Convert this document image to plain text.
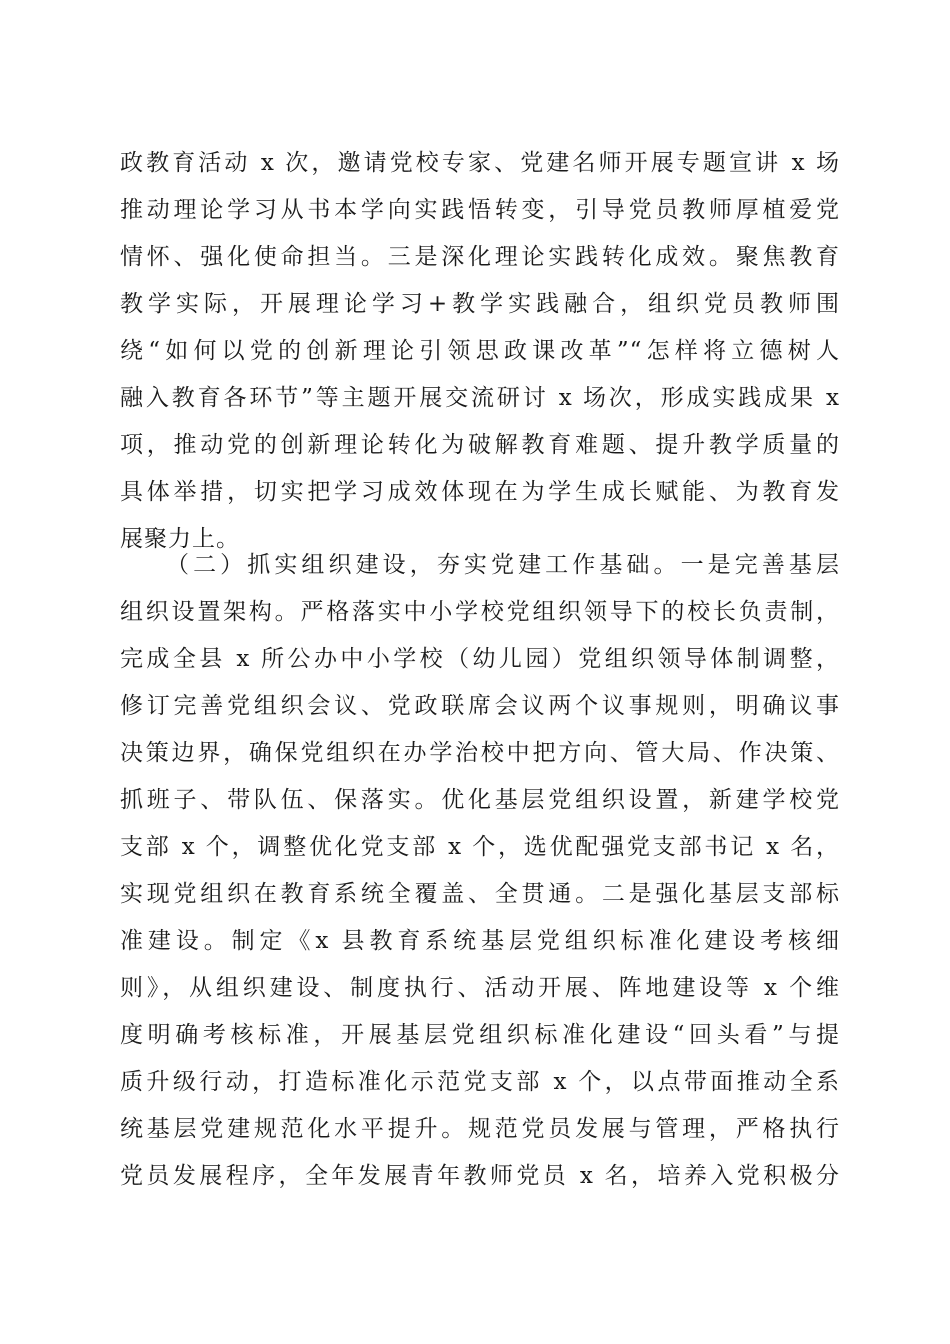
政教育活动 x 次，邀请党校专家、党建名师开展专题宣讲 x 场
推动理论学习从书本学向实践悟转变，引导党员教师厚植爱党
情怀、强化使命担当。三是深化理论实践转化成效。聚焦教育
教学实际，开展理论学习+教学实践融合，组织党员教师围
绕“如何以党的创新理论引领思政课改革”“怎样将立德树人
融入教育各环节”等主题开展交流研讨 x 场次，形成实践成果 x
项，推动党的创新理论转化为破解教育难题、提升教学质量的
具体举措，切实把学习成效体现在为学生成长赋能、为教育发
展聚力上。
（二）抓实组织建设，夯实党建工作基础。一是完善基层
组织设置架构。严格落实中小学校党组织领导下的校长负责制，
完成全县 x 所公办中小学校（幼儿园）党组织领导体制调整，
修订完善党组织会议、党政联席会议两个议事规则，明确议事
决策边界，确保党组织在办学治校中把方向、管大局、作决策、
抓班子、带队伍、保落实。优化基层党组织设置，新建学校党
支部 x 个，调整优化党支部 x 个，选优配强党支部书记 x 名，
实现党组织在教育系统全覆盖、全贯通。二是强化基层支部标
准建设。制定《x 县教育系统基层党组织标准化建设考核细
则》，从组织建设、制度执行、活动开展、阵地建设等 x 个维
度明确考核标准，开展基层党组织标准化建设“回头看”与提
质升级行动，打造标准化示范党支部 x 个，以点带面推动全系
统基层党建规范化水平提升。规范党员发展与管理，严格执行
党员发展程序，全年发展青年教师党员 x 名，培养入党积极分
